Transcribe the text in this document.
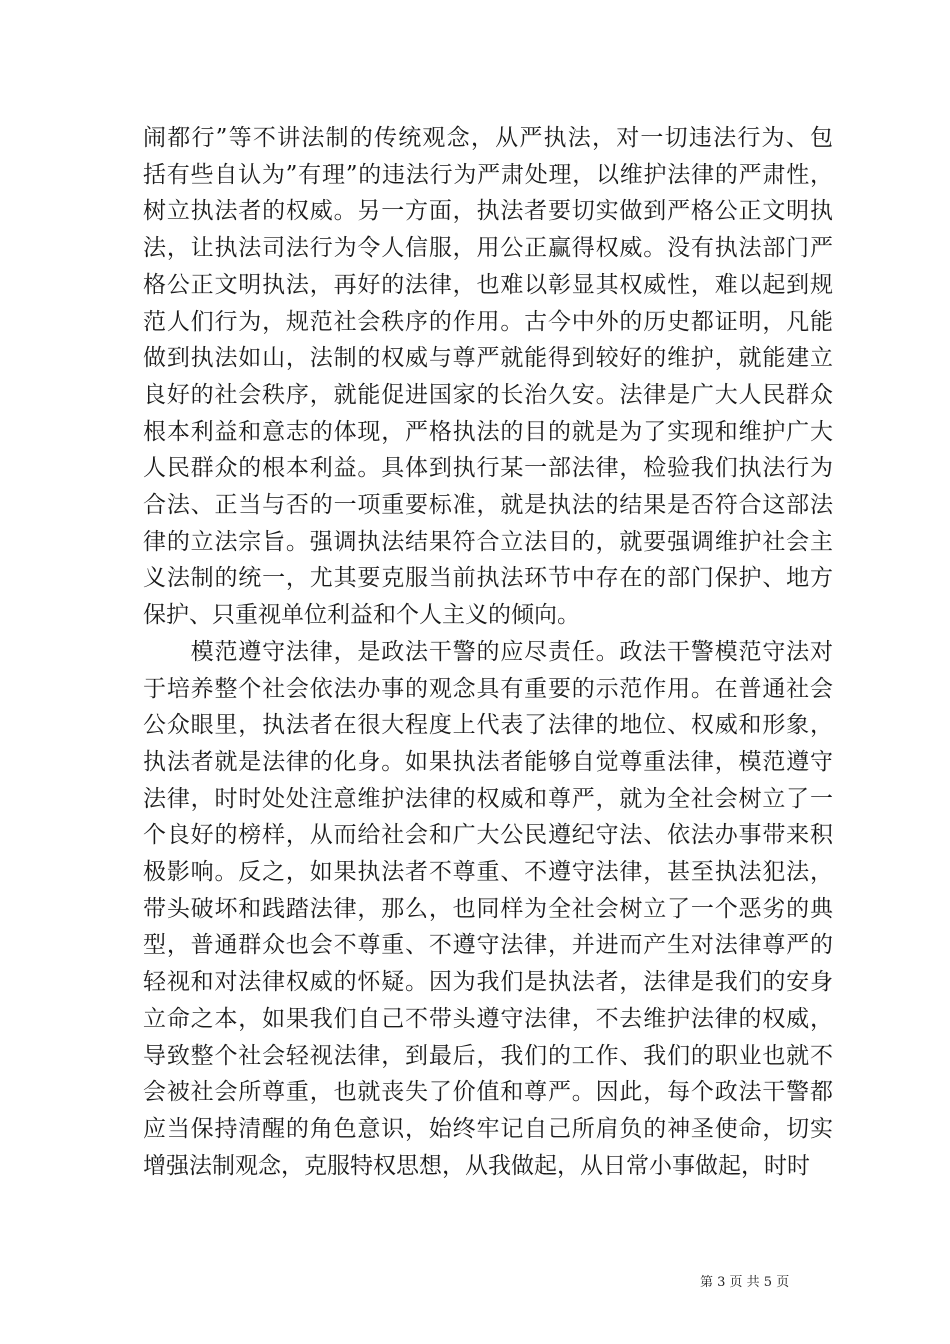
闹都行”等不讲法制的传统观念，从严执法，对一切违法行为、包
括有些自认为”有理”的违法行为严肃处理，以维护法律的严肃性，
树立执法者的权威。另一方面，执法者要切实做到严格公正文明执
法，让执法司法行为令人信服，用公正赢得权威。没有执法部门严
格公正文明执法，再好的法律，也难以彰显其权威性，难以起到规
范人们行为，规范社会秩序的作用。古今中外的历史都证明，凡能
做到执法如山，法制的权威与尊严就能得到较好的维护，就能建立
良好的社会秩序，就能促进国家的长治久安。法律是广大人民群众
根本利益和意志的体现，严格执法的目的就是为了实现和维护广大
人民群众的根本利益。具体到执行某一部法律，检验我们执法行为
合法、正当与否的一项重要标准，就是执法的结果是否符合这部法
律的立法宗旨。强调执法结果符合立法目的，就要强调维护社会主
义法制的统一，尤其要克服当前执法环节中存在的部门保护、地方
保护、只重视单位利益和个人主义的倾向。
　　模范遵守法律，是政法干警的应尽责任。政法干警模范守法对
于培养整个社会依法办事的观念具有重要的示范作用。在普通社会
公众眼里，执法者在很大程度上代表了法律的地位、权威和形象，
执法者就是法律的化身。如果执法者能够自觉尊重法律，模范遵守
法律，时时处处注意维护法律的权威和尊严，就为全社会树立了一
个良好的榜样，从而给社会和广大公民遵纪守法、依法办事带来积
极影响。反之，如果执法者不尊重、不遵守法律，甚至执法犯法，
带头破坏和践踏法律，那么，也同样为全社会树立了一个恶劣的典
型，普通群众也会不尊重、不遵守法律，并进而产生对法律尊严的
轻视和对法律权威的怀疑。因为我们是执法者，法律是我们的安身
立命之本，如果我们自己不带头遵守法律，不去维护法律的权威，
导致整个社会轻视法律，到最后，我们的工作、我们的职业也就不
会被社会所尊重，也就丧失了价值和尊严。因此，每个政法干警都
应当保持清醒的角色意识，始终牢记自己所肩负的神圣使命，切实
增强法制观念，克服特权思想，从我做起，从日常小事做起，时时
第 3 页 共 5 页
